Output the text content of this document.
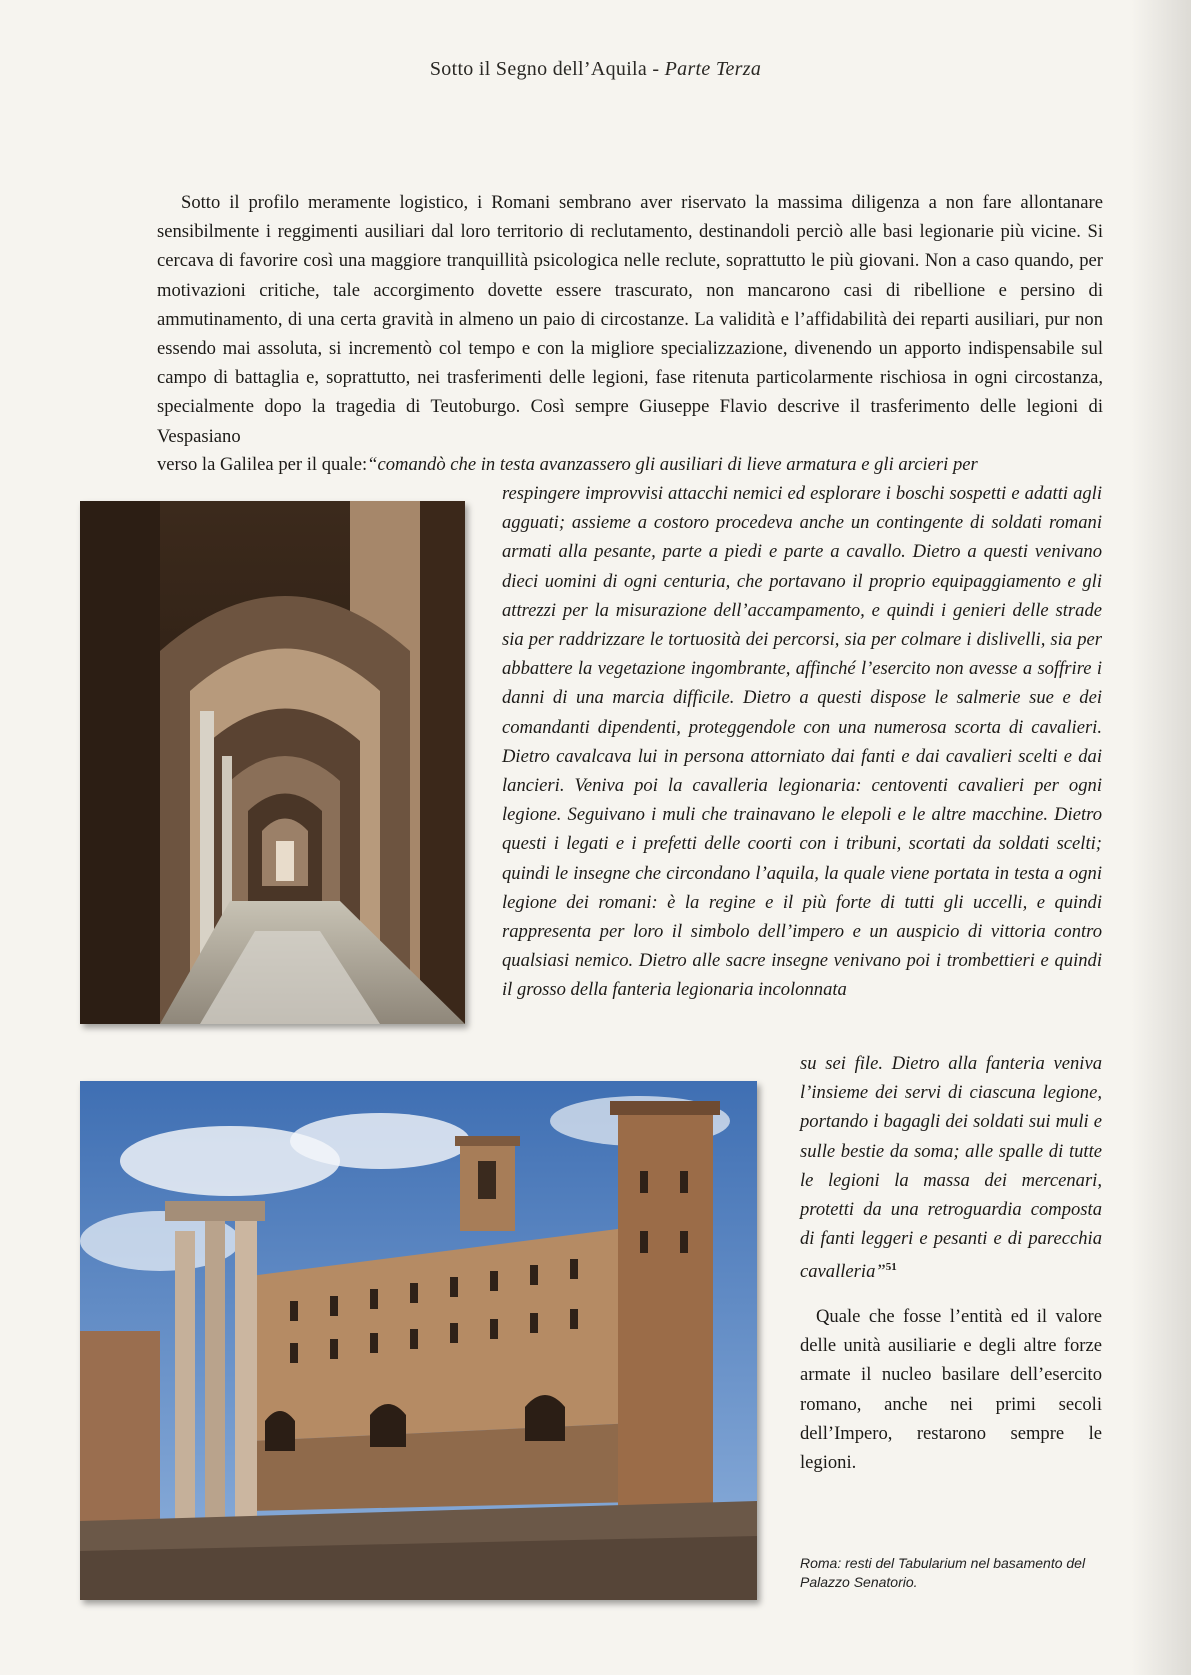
Sotto il Segno dell’Aquila - Parte Terza

Sotto il profilo meramente logistico, i Romani sembrano aver riservato la massima diligenza a non fare allontanare sensibilmente i reggimenti ausiliari dal loro territorio di reclutamento, destinandoli perciò alle basi legionarie più vicine. Si cercava di favorire così una maggiore tranquillità psicologica nelle reclute, soprattutto le più giovani. Non a caso quando, per motivazioni critiche, tale accorgimento dovette essere trascurato, non mancarono casi di ribellione e persino di ammutinamento, di una certa gravità in almeno un paio di circostanze. La validità e l’affidabilità dei reparti ausiliari, pur non essendo mai assoluta, si incrementò col tempo e con la migliore specializzazione, divenendo un apporto indispensabile sul campo di battaglia e, soprattutto, nei trasferimenti delle legioni, fase ritenuta particolarmente rischiosa in ogni circostanza, specialmente dopo la tragedia di Teutoburgo. Così sempre Giuseppe Flavio descrive il trasferimento delle legioni di Vespasiano

verso la Galilea per il quale:“comandò che in testa avanzassero gli ausiliari di lieve armatura e gli arcieri per

respingere improvvisi attacchi nemici ed esplorare i boschi sospetti e adatti agli agguati; assieme a costoro procedeva anche un contingente di soldati romani armati alla pesante, parte a piedi e parte a cavallo. Dietro a questi venivano dieci uomini di ogni centuria, che portavano il proprio equipaggiamento e gli attrezzi per la misurazione dell’accampamento, e quindi i genieri delle strade sia per raddrizzare le tortuosità dei percorsi, sia per colmare i dislivelli, sia per abbattere la vegetazione ingombrante, affinché l’esercito non avesse a soffrire i danni di una marcia difficile. Dietro a questi dispose le salmerie sue e dei comandanti dipendenti, proteggendole con una numerosa scorta di cavalieri. Dietro cavalcava lui in persona attorniato dai fanti e dai cavalieri scelti e dai lancieri. Veniva poi la cavalleria legionaria: centoventi cavalieri per ogni legione. Seguivano i muli che trainavano le elepoli e le altre macchine. Dietro questi i legati e i prefetti delle coorti con i tribuni, scortati da soldati scelti; quindi le insegne che circondano l’aquila, la quale viene portata in testa a ogni legione dei romani: è la regine e il più forte di tutti gli uccelli, e quindi rappresenta per loro il simbolo dell’impero e un auspicio di vittoria contro qualsiasi nemico. Dietro alle sacre insegne venivano poi i trombettieri e quindi il grosso della fanteria legionaria incolonnata

su sei file. Dietro alla fanteria veniva l’insieme dei servi di ciascuna legione, portando i bagagli dei soldati sui muli e sulle bestie da soma; alle spalle di tutte le legioni la massa dei mercenari, protetti da una retroguardia composta di fanti leggeri e pesanti e di parecchia cavalleria”$^{51}$

Quale che fosse l’entità ed il valore delle unità ausiliarie e degli altre forze armate il nucleo basilare dell’esercito romano, anche nei primi secoli dell’Impero, restarono sempre le legioni.

Roma: resti del Tabularium nel basamento del Palazzo Senatorio.
